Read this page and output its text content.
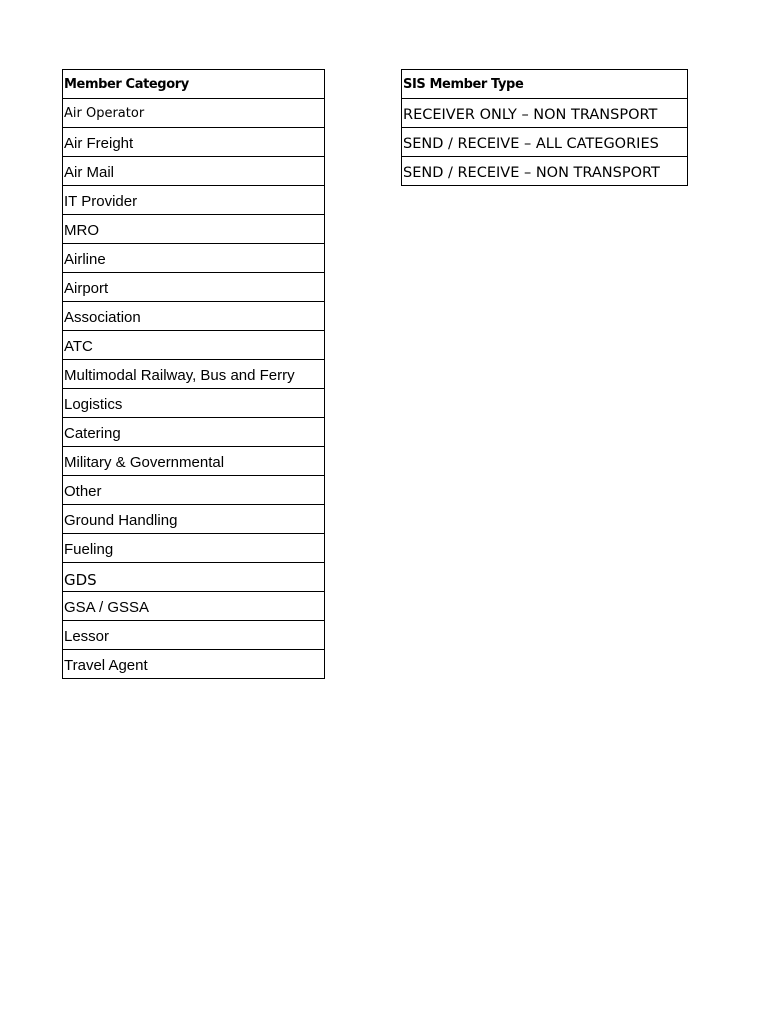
Member Category
Air Operator
Air Freight
Air Mail
IT Provider
MRO
Airline
Airport
Association
ATC
Multimodal Railway, Bus and Ferry
Logistics
Catering
Military & Governmental
Other
Ground Handling
Fueling
GDS
GSA / GSSA
Lessor
Travel Agent
SIS Member Type
RECEIVER ONLY – NON TRANSPORT
SEND / RECEIVE – ALL CATEGORIES
SEND / RECEIVE – NON TRANSPORT
